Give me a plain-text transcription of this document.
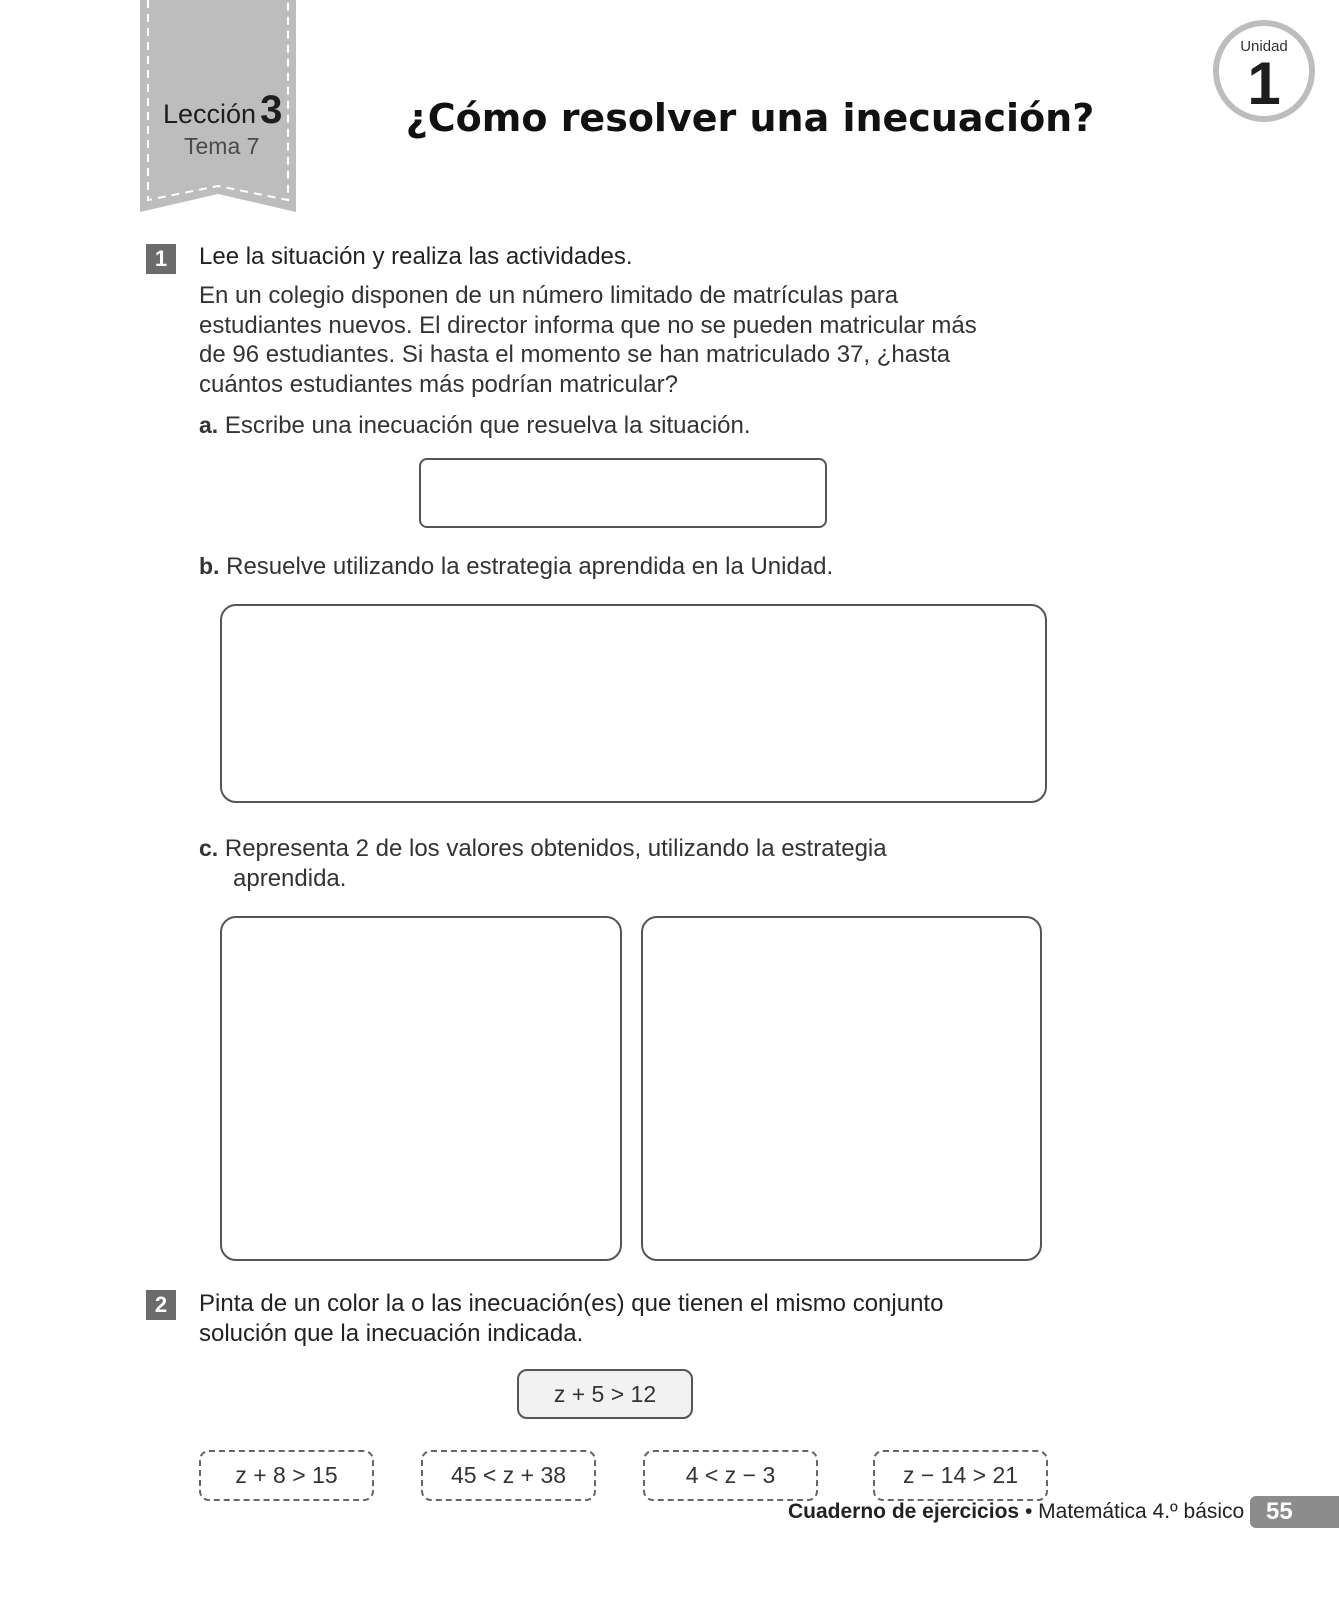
Lección 3
Tema 7
¿Cómo resolver una inecuación?
Unidad
1
1	Lee la situación y realiza las actividades.
En un colegio disponen de un número limitado de matrículas para
estudiantes nuevos. El director informa que no se pueden matricular más
de 96 estudiantes. Si hasta el momento se han matriculado 37, ¿hasta
cuántos estudiantes más podrían matricular?
a. Escribe una inecuación que resuelva la situación.
b. Resuelve utilizando la estrategia aprendida en la Unidad.
c. Representa 2 de los valores obtenidos, utilizando la estrategia
aprendida.
2	Pinta de un color la o las inecuación(es) que tienen el mismo conjunto
solución que la inecuación indicada.
z + 5 > 12
z + 8 > 15	45 < z + 38	4 < z − 3	z − 14 > 21
Cuaderno de ejercicios • Matemática 4.º básico 55
